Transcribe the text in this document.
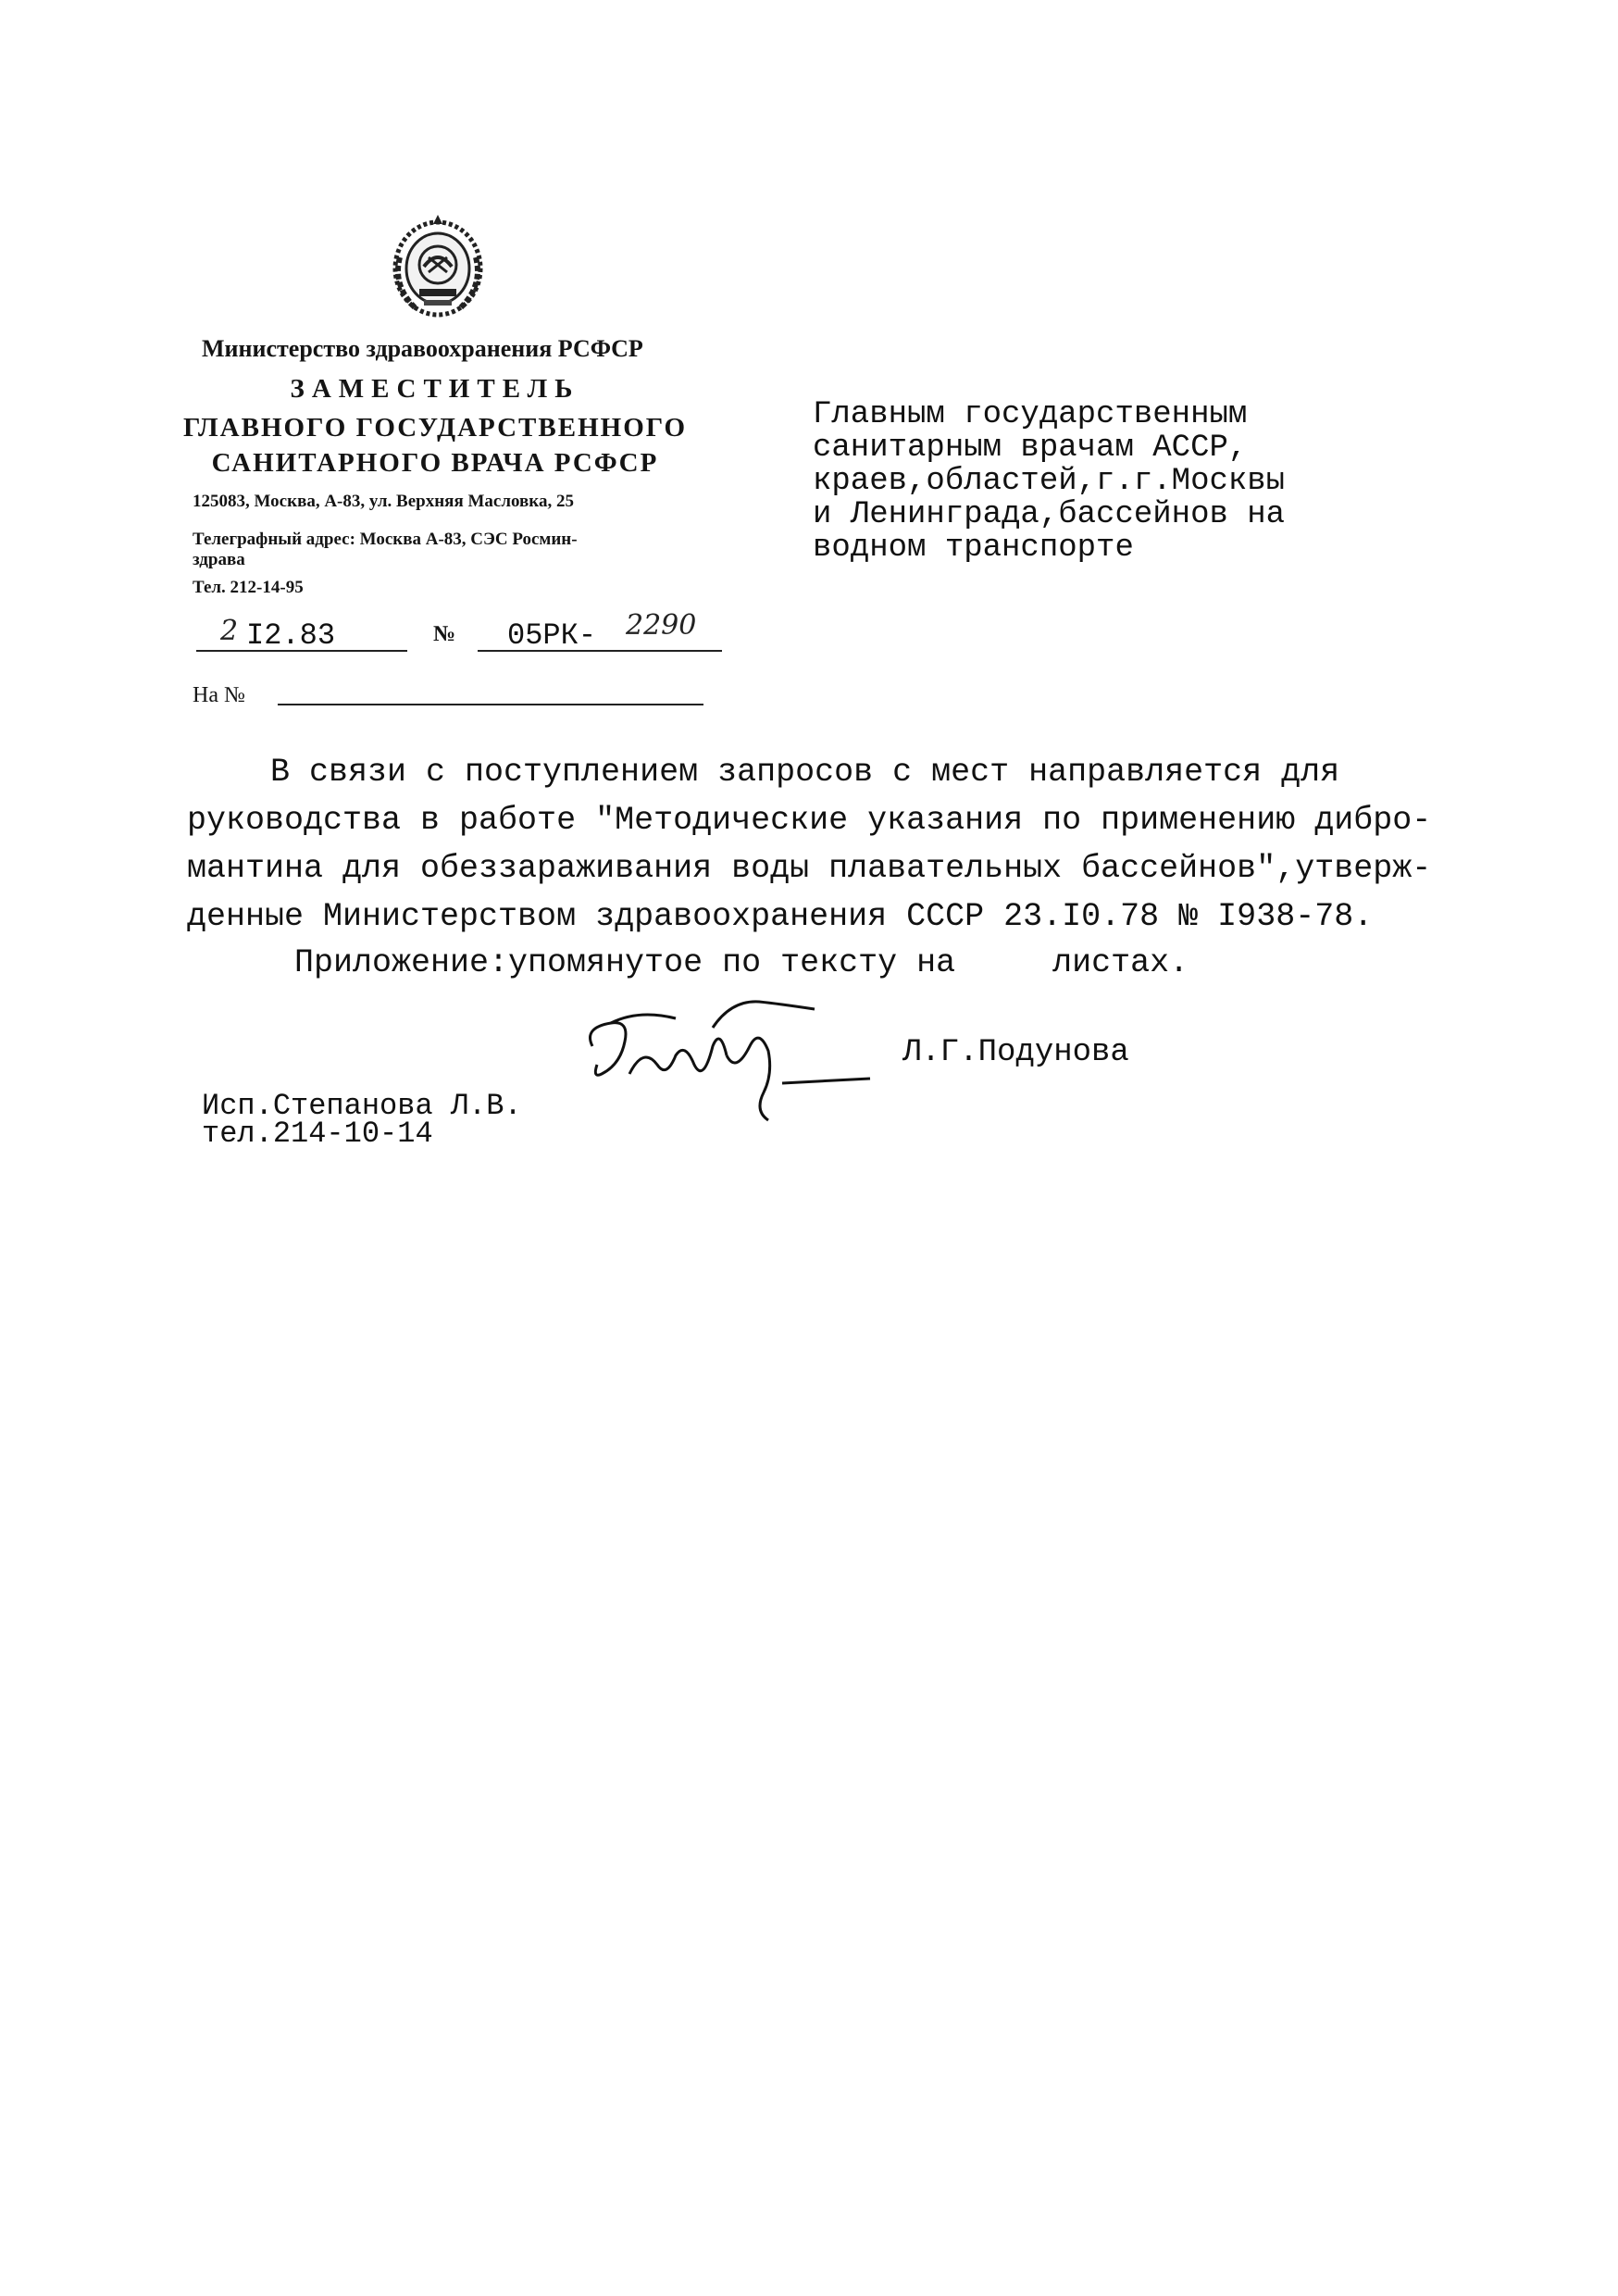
Министерство здравоохранения РСФСР
ЗАМЕСТИТЕЛЬ
ГЛАВНОГО ГОСУДАРСТВЕННОГО
САНИТАРНОГО ВРАЧА РСФСР
125083, Москва, А-83, ул. Верхняя Масловка, 25
Телеграфный адрес: Москва А-83, СЭС Росмин-
здрава
Тел. 212-14-95
2 I2.83	№ 05РК- 2290
На №
Главным государственным
санитарным врачам АССР,
краев,областей,г.г.Москвы
и Ленинграда,бассейнов на
водном транспорте
В связи с поступлением запросов с мест направляется для
руководства в работе "Методические указания по применению дибро-
мантина для обеззараживания воды плавательных бассейнов",утверж-
денные Министерством здравоохранения СССР 23.I0.78 № I938-78.
Приложение:упомянутое по тексту на     листах.
Л.Г.Подунова
Исп.Степанова Л.В.
тел.214-10-14
